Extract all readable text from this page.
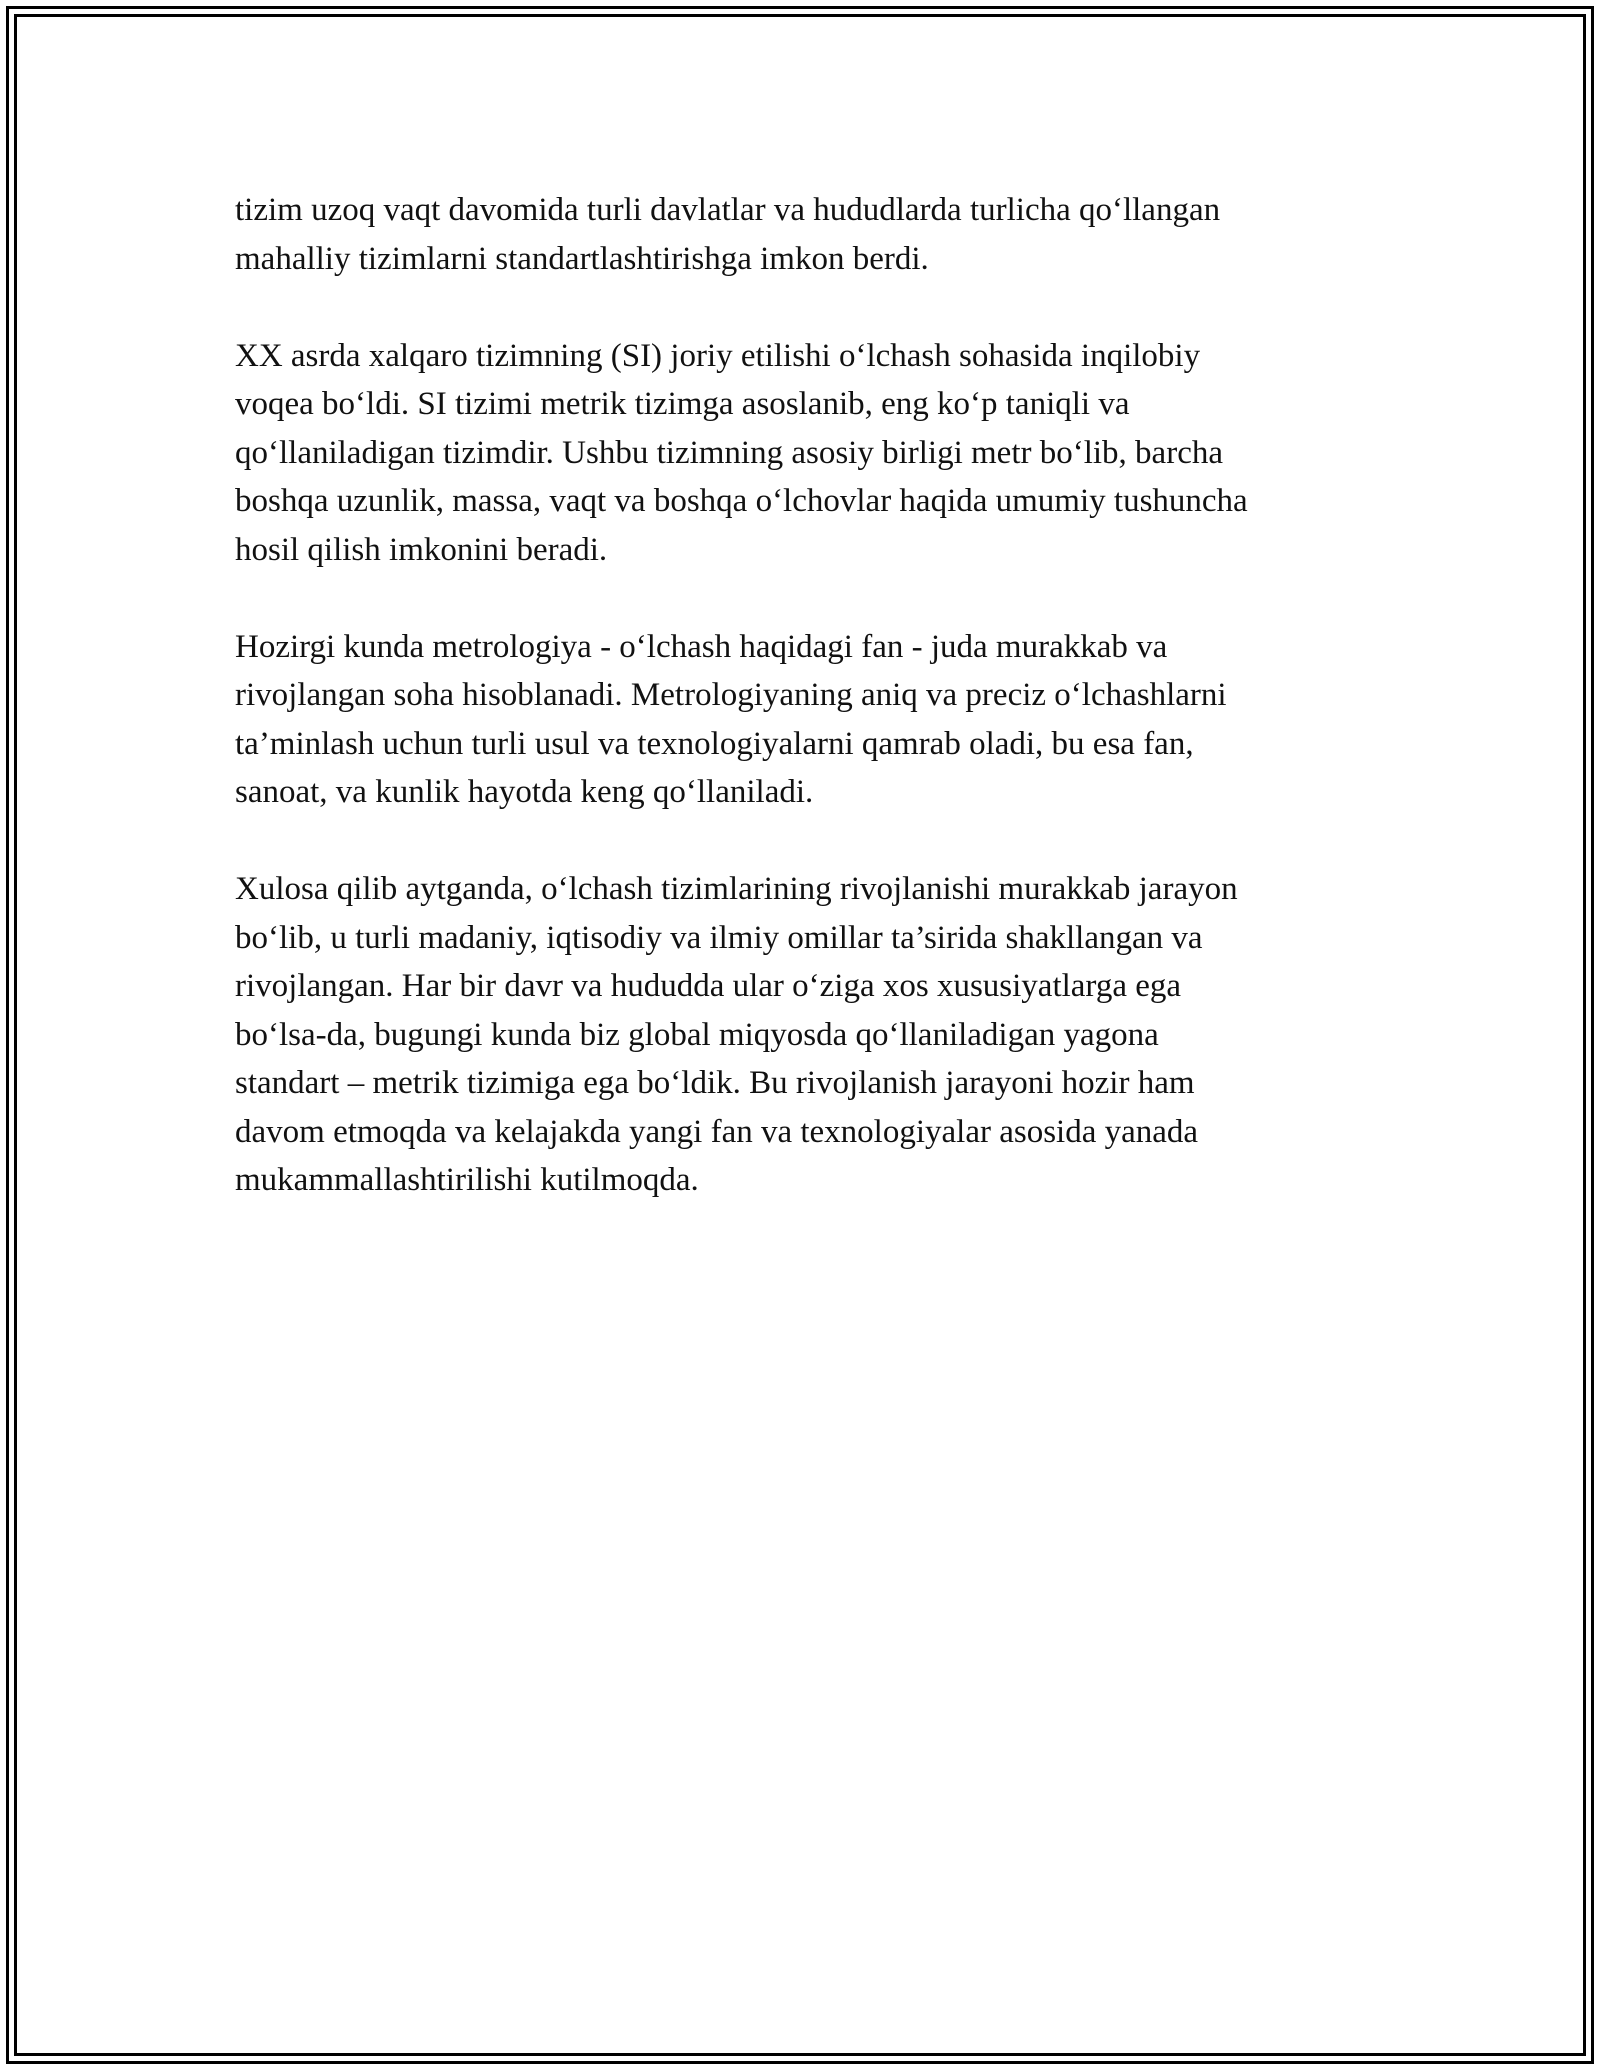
tizim uzoq vaqt davomida turli davlatlar va hududlarda turlicha qo‘llangan
mahalliy tizimlarni standartlashtirishga imkon berdi.

XX asrda xalqaro tizimning (SI) joriy etilishi o‘lchash sohasida inqilobiy
voqea bo‘ldi. SI tizimi metrik tizimga asoslanib, eng ko‘p taniqli va
qo‘llaniladigan tizimdir. Ushbu tizimning asosiy birligi metr bo‘lib, barcha
boshqa uzunlik, massa, vaqt va boshqa o‘lchovlar haqida umumiy tushuncha
hosil qilish imkonini beradi.

Hozirgi kunda metrologiya - o‘lchash haqidagi fan - juda murakkab va
rivojlangan soha hisoblanadi. Metrologiyaning aniq va preciz o‘lchashlarni
ta’minlash uchun turli usul va texnologiyalarni qamrab oladi, bu esa fan,
sanoat, va kunlik hayotda keng qo‘llaniladi.

Xulosa qilib aytganda, o‘lchash tizimlarining rivojlanishi murakkab jarayon
bo‘lib, u turli madaniy, iqtisodiy va ilmiy omillar ta’sirida shakllangan va
rivojlangan. Har bir davr va hududda ular o‘ziga xos xususiyatlarga ega
bo‘lsa-da, bugungi kunda biz global miqyosda qo‘llaniladigan yagona
standart – metrik tizimiga ega bo‘ldik. Bu rivojlanish jarayoni hozir ham
davom etmoqda va kelajakda yangi fan va texnologiyalar asosida yanada
mukammallashtirilishi kutilmoqda.
